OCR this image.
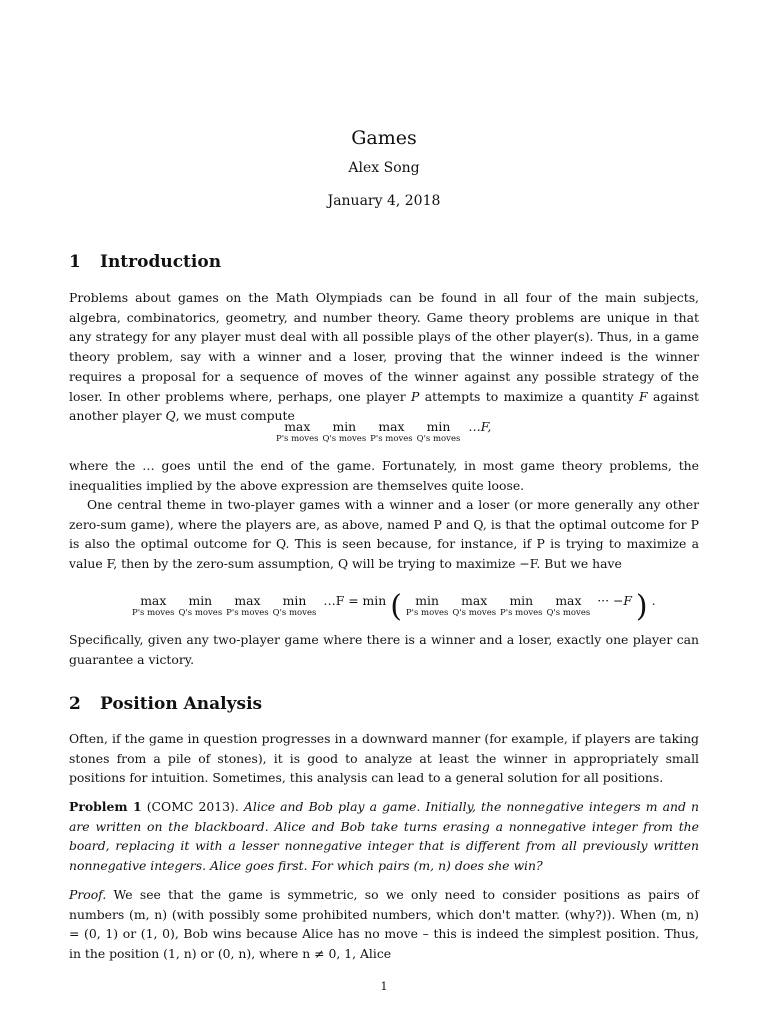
Games
Alex Song
January 4, 2018
1 Introduction

Problems about games on the Math Olympiads can be found in all four of the main subjects, algebra, combinatorics, geometry, and number theory. Game theory problems are unique in that any strategy for any player must deal with all possible plays of the other player(s). Thus, in a game theory problem, say with a winner and a loser, proving that the winner indeed is the winner requires a proposal for a sequence of moves of the winner against any possible strategy of the loser. In other problems where, perhaps, one player P attempts to maximize a quantity F against another player Q, we must compute

max
P's moves

min
Q's moves

max
P's moves

min
Q's moves

…F,

where the … goes until the end of the game. Fortunately, in most game theory problems, the inequalities implied by the above expression are themselves quite loose.

One central theme in two-player games with a winner and a loser (or more generally any other zero-sum game), where the players are, as above, named P and Q, is that the optimal outcome for P is also the optimal outcome for Q. This is seen because, for instance, if P is trying to maximize a value F, then by the zero-sum assumption, Q will be trying to maximize −F. But we have

max
P's moves

min
Q's moves

max
P's moves

min
Q's moves

…F = min (	min
P's moves

max
Q's moves

min
P's moves

max
Q's moves

··· −F ) .

Specifically, given any two-player game where there is a winner and a loser, exactly one player can guarantee a victory.

2 Position Analysis

Often, if the game in question progresses in a downward manner (for example, if players are taking stones from a pile of stones), it is good to analyze at least the winner in appropriately small positions for intuition. Sometimes, this analysis can lead to a general solution for all positions.

Problem 1 (COMC 2013). Alice and Bob play a game. Initially, the nonnegative integers m and n are written on the blackboard. Alice and Bob take turns erasing a nonnegative integer from the board, replacing it with a lesser nonnegative integer that is different from all previously written nonnegative integers. Alice goes first. For which pairs (m, n) does she win?

Proof. We see that the game is symmetric, so we only need to consider positions as pairs of numbers (m, n) (with possibly some prohibited numbers, which don't matter. (why?)). When (m, n) = (0, 1) or (1, 0), Bob wins because Alice has no move – this is indeed the simplest position. Thus, in the position (1, n) or (0, n), where n ≠ 0, 1, Alice

1
